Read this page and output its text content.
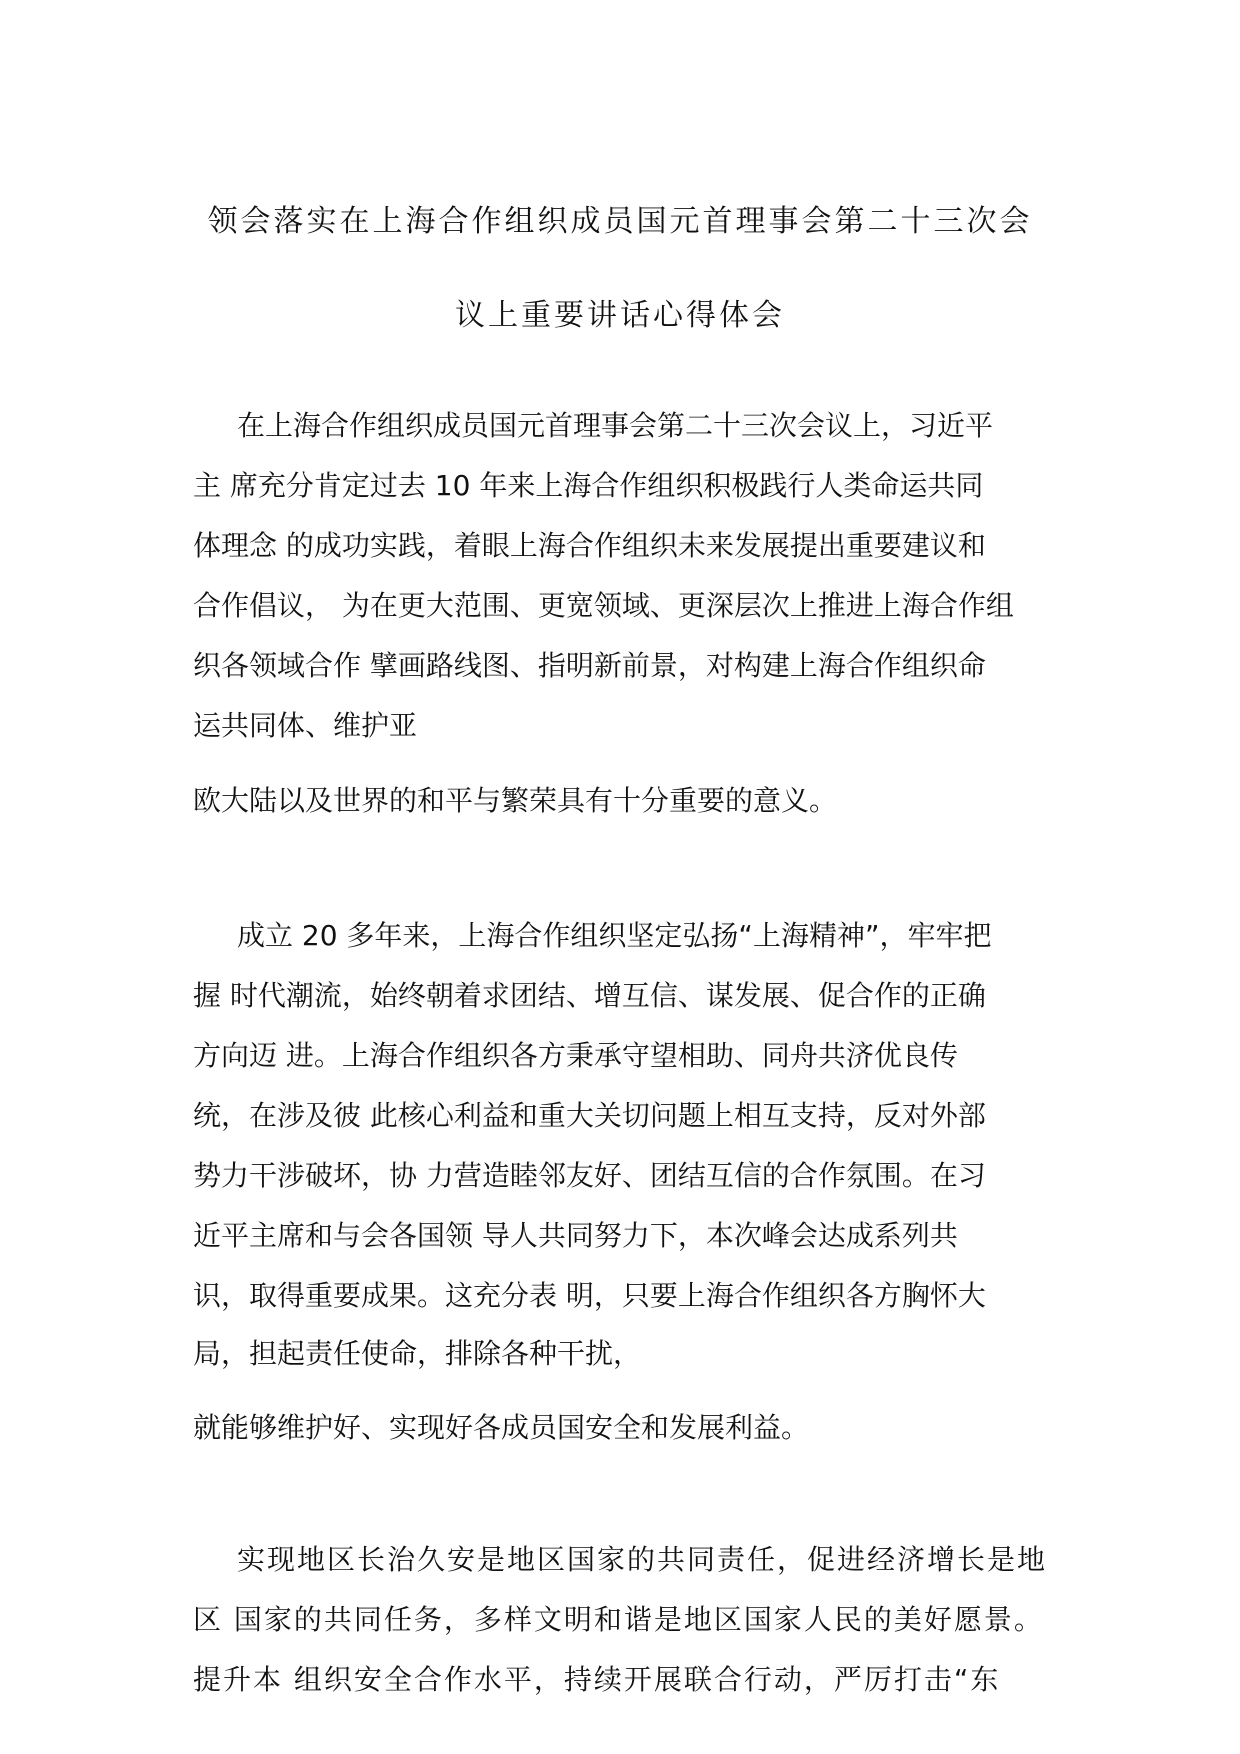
领会落实在上海合作组织成员国元首理事会第二十三次会
议上重要讲话心得体会
在上海合作组织成员国元首理事会第二十三次会议上，习近平
主 席充分肯定过去 10 年来上海合作组织积极践行人类命运共同
体理念 的成功实践，着眼上海合作组织未来发展提出重要建议和
合作倡议， 为在更大范围、更宽领域、更深层次上推进上海合作组
织各领域合作 擘画路线图、指明新前景，对构建上海合作组织命
运共同体、维护亚
欧大陆以及世界的和平与繁荣具有十分重要的意义。
成立 20 多年来，上海合作组织坚定弘扬“上海精神”，牢牢把
握 时代潮流，始终朝着求团结、增互信、谋发展、促合作的正确
方向迈 进。上海合作组织各方秉承守望相助、同舟共济优良传
统，在涉及彼 此核心利益和重大关切问题上相互支持，反对外部
势力干涉破坏，协 力营造睦邻友好、团结互信的合作氛围。在习
近平主席和与会各国领 导人共同努力下，本次峰会达成系列共
识，取得重要成果。这充分表 明，只要上海合作组织各方胸怀大
局，担起责任使命，排除各种干扰，
就能够维护好、实现好各成员国安全和发展利益。
实现地区长治久安是地区国家的共同责任，促进经济增长是地
区 国家的共同任务，多样文明和谐是地区国家人民的美好愿景。
提升本 组织安全合作水平，持续开展联合行动，严厉打击“东
